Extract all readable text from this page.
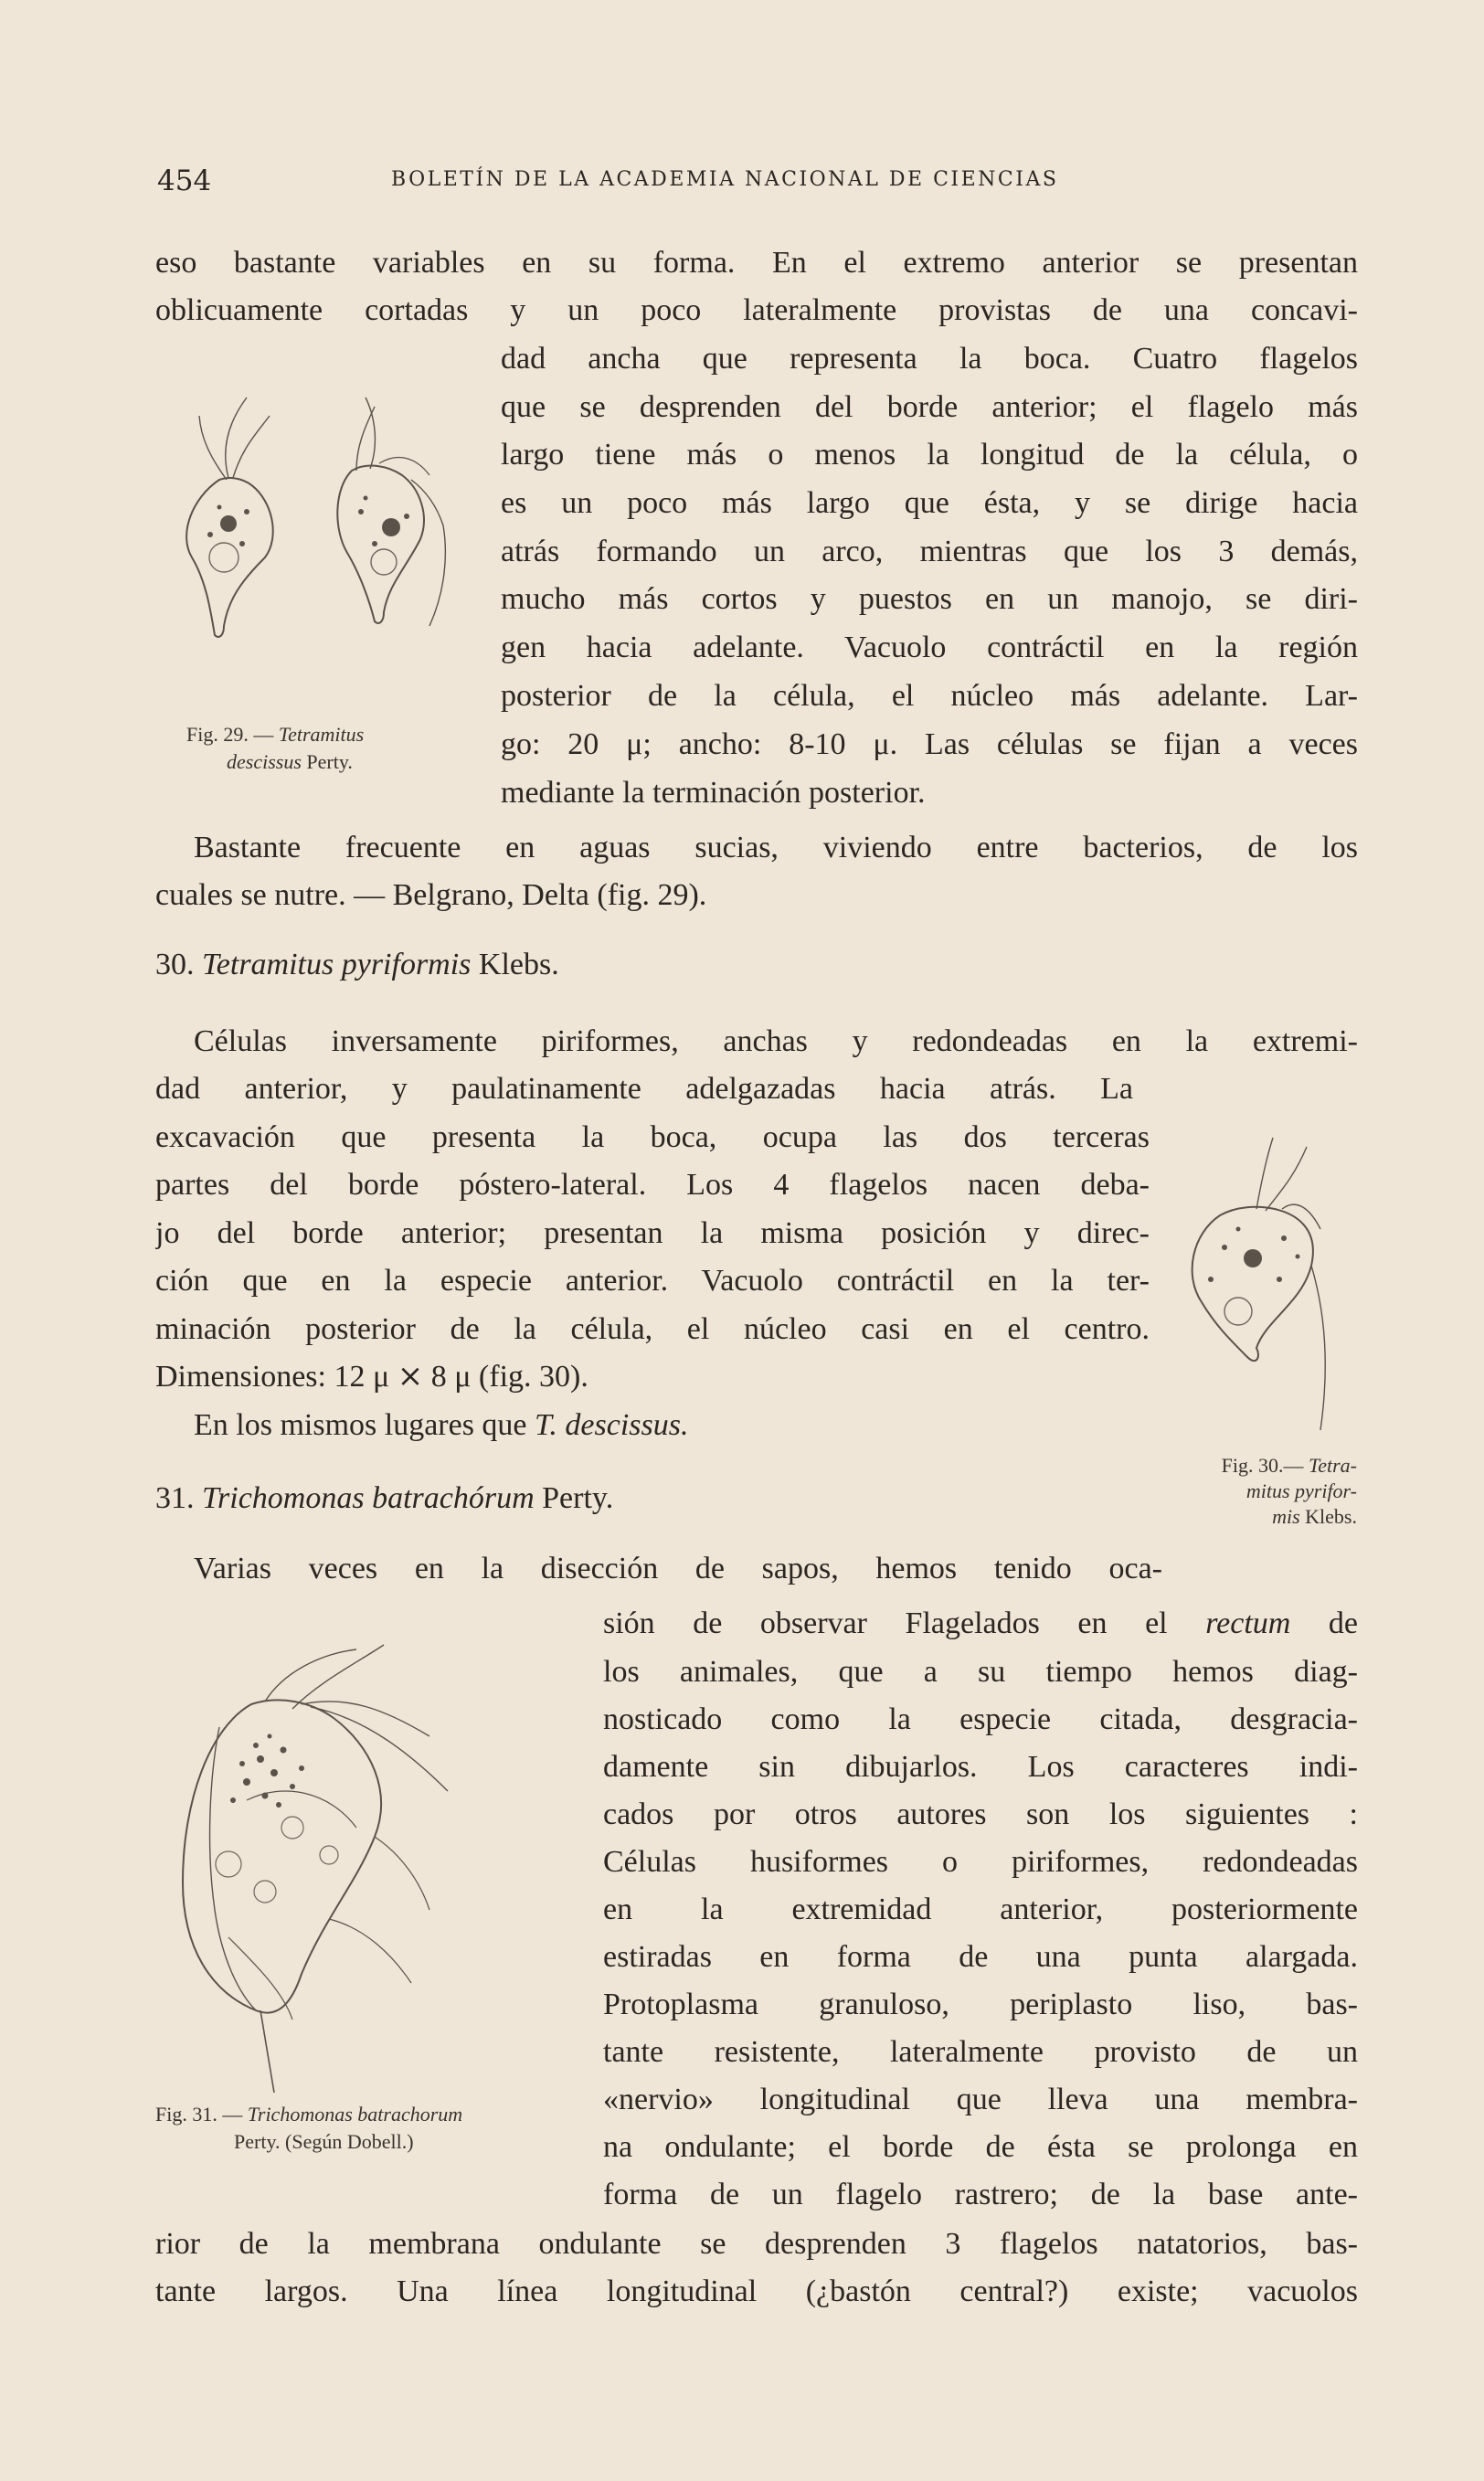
454	BOLETÍN DE LA ACADEMIA NACIONAL DE CIENCIAS
eso bastante variables en su forma. En el extremo anterior se presentan
oblicuamente cortadas y un poco lateralmente provistas de una concavi-
dad ancha que representa la boca. Cuatro flagelos
que se desprenden del borde anterior; el flagelo más
largo tiene más o menos la longitud de la célula, o
es un poco más largo que ésta, y se dirige hacia
atrás formando un arco, mientras que los 3 demás,
mucho más cortos y puestos en un manojo, se diri-
gen hacia adelante. Vacuolo contráctil en la región
posterior de la célula, el núcleo más adelante. Lar-
go: 20 μ; ancho: 8-10 μ. Las células se fijan a veces
mediante la terminación posterior.
Bastante frecuente en aguas sucias, viviendo entre bacterios, de los
cuales se nutre. — Belgrano, Delta (fig. 29).
Fig. 29. — Tetramitus
descissus Perty.
30. Tetramitus pyriformis Klebs.
Células inversamente piriformes, anchas y redondeadas en la extremi-
dad anterior, y paulatinamente adelgazadas hacia atrás. La
excavación que presenta la boca, ocupa las dos terceras
partes del borde póstero-lateral. Los 4 flagelos nacen deba-
jo del borde anterior; presentan la misma posición y direc-
ción que en la especie anterior. Vacuolo contráctil en la ter-
minación posterior de la célula, el núcleo casi en el centro.
Dimensiones: 12 μ ⨯ 8 μ (fig. 30).
En los mismos lugares que T. descissus.
Fig. 30.— Tetra-
mitus pyrifor-
mis Klebs.
31. Trichomonas batrachórum Perty.
Varias veces en la disección de sapos, hemos tenido oca-
sión de observar Flagelados en el rectum de
los animales, que a su tiempo hemos diag-
nosticado como la especie citada, desgracia-
damente sin dibujarlos. Los caracteres indi-
cados por otros autores son los siguientes :
Células husiformes o piriformes, redondeadas
en la extremidad anterior, posteriormente
estiradas en forma de una punta alargada.
Protoplasma granuloso, periplasto liso, bas-
tante resistente, lateralmente provisto de un
«nervio» longitudinal que lleva una membra-
na ondulante; el borde de ésta se prolonga en
forma de un flagelo rastrero; de la base ante-
rior de la membrana ondulante se desprenden 3 flagelos natatorios, bas-
tante largos. Una línea longitudinal (¿bastón central?) existe; vacuolos
Fig. 31. — Trichomonas batrachorum
Perty. (Según Dobell.)
